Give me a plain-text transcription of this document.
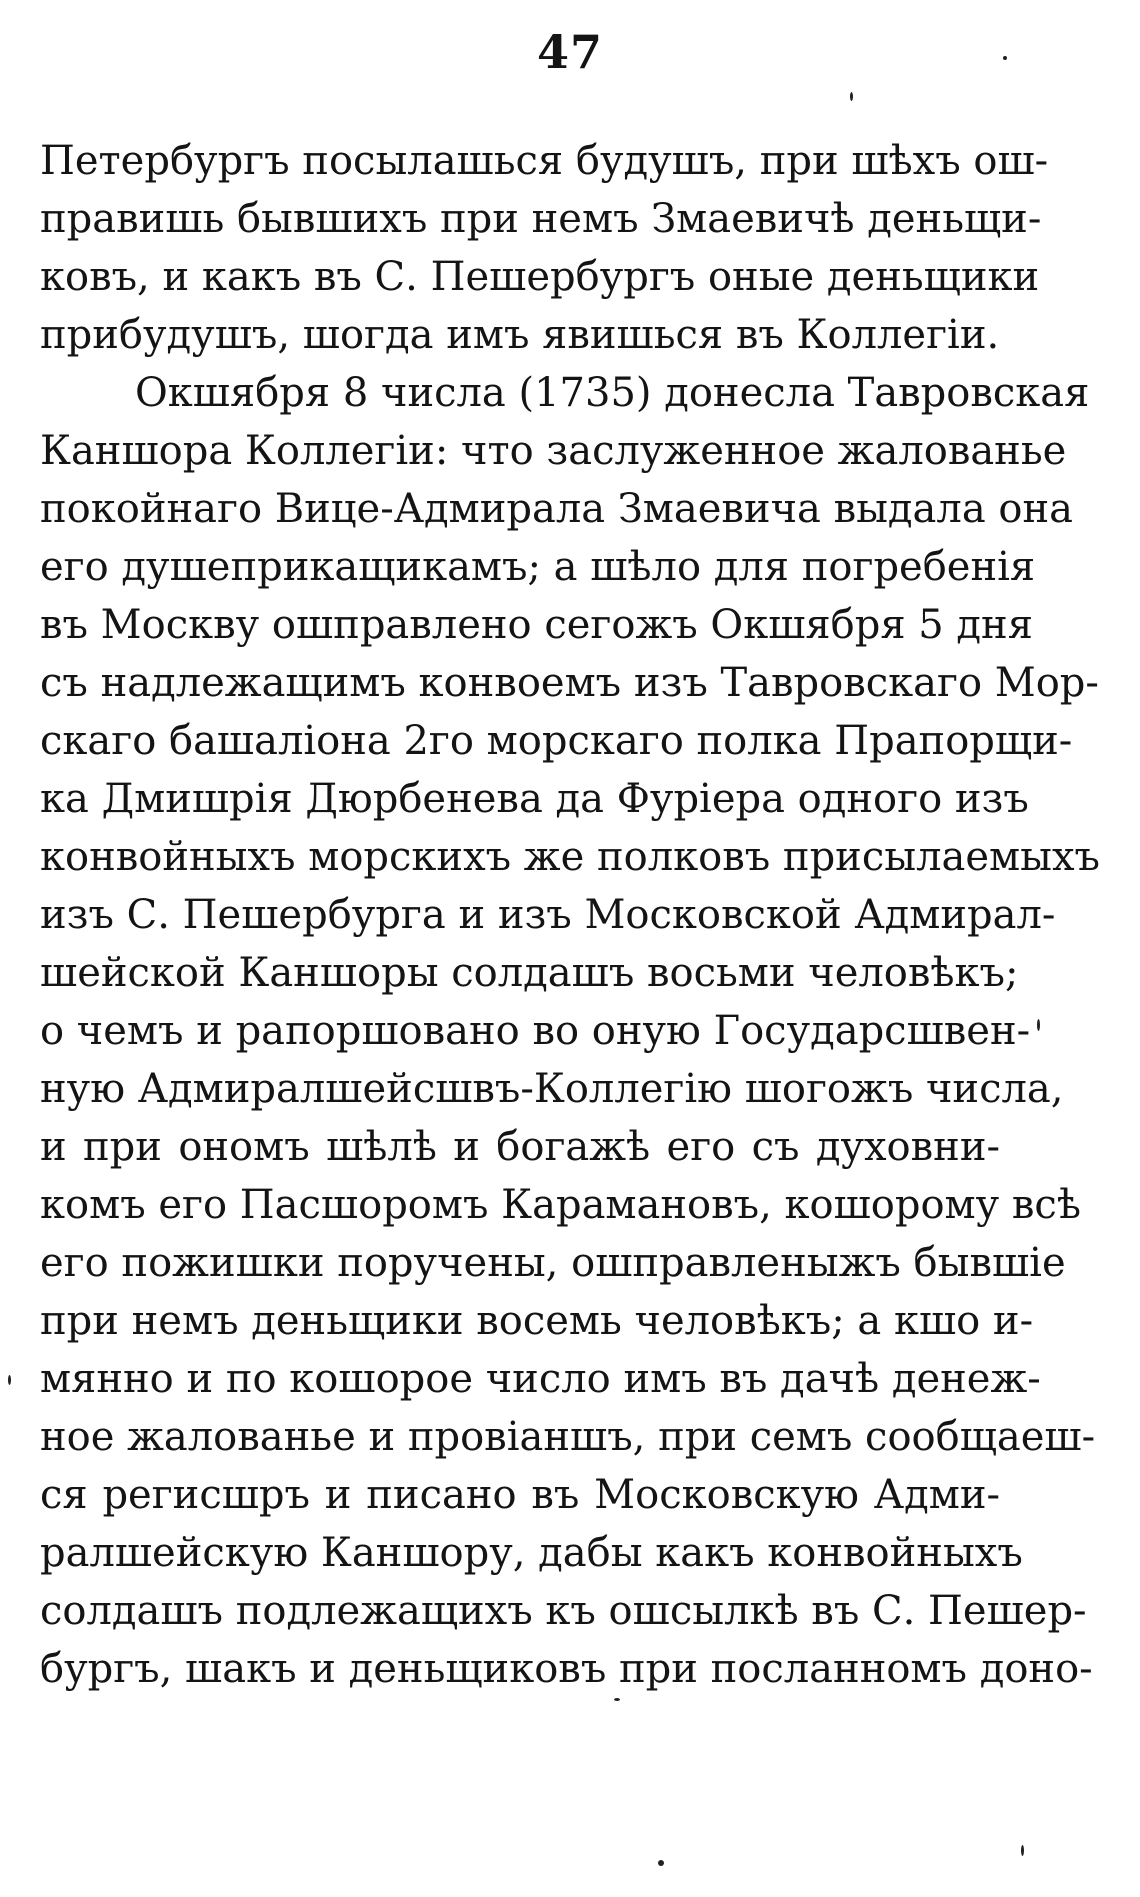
47
Петербургъ посылашься будушъ, при шѣхъ ош-
правишь бывшихъ при немъ Змаевичѣ деньщи-
ковъ, и какъ въ С. Пешербургъ оные деньщики
прибудушъ, шогда имъ явишься въ Коллегіи.
Окшября 8 числа (1735) донесла Тавровская
Каншора Коллегіи: что заслуженное жалованье
покойнаго Вице-Адмирала Змаевича выдала она
его душеприкащикамъ; а шѣло для погребенія
въ Москву ошправлено сегожъ Окшября 5 дня
съ надлежащимъ конвоемъ изъ Тавровскаго Мор-
скаго башаліона 2го морскаго полка Прапорщи-
ка Дмишрія Дюрбенева да Фуріера одного изъ
конвойныхъ морскихъ же полковъ присылаемыхъ
изъ С. Пешербурга и изъ Московской Адмирал-
шейской Каншоры солдашъ восьми человѣкъ;
о чемъ и рапоршовано во оную Государсшвен-
ную Адмиралшейсшвъ-Коллегію шогожъ числа,
и при ономъ шѣлѣ и богажѣ его съ духовни-
комъ его Пасшоромъ Карамановъ, кошорому всѣ
его пожишки поручены, ошправленыжъ бывшіе
при немъ деньщики восемь человѣкъ; а кшо и-
мянно и по кошорое число имъ въ дачѣ денеж-
ное жалованье и провіаншъ, при семъ сообщаеш-
ся регисшръ и писано въ Московскую Адми-
ралшейскую Каншору, дабы какъ конвойныхъ
солдашъ подлежащихъ къ ошсылкѣ въ С. Пешер-
бургъ, шакъ и деньщиковъ при посланномъ доно-
